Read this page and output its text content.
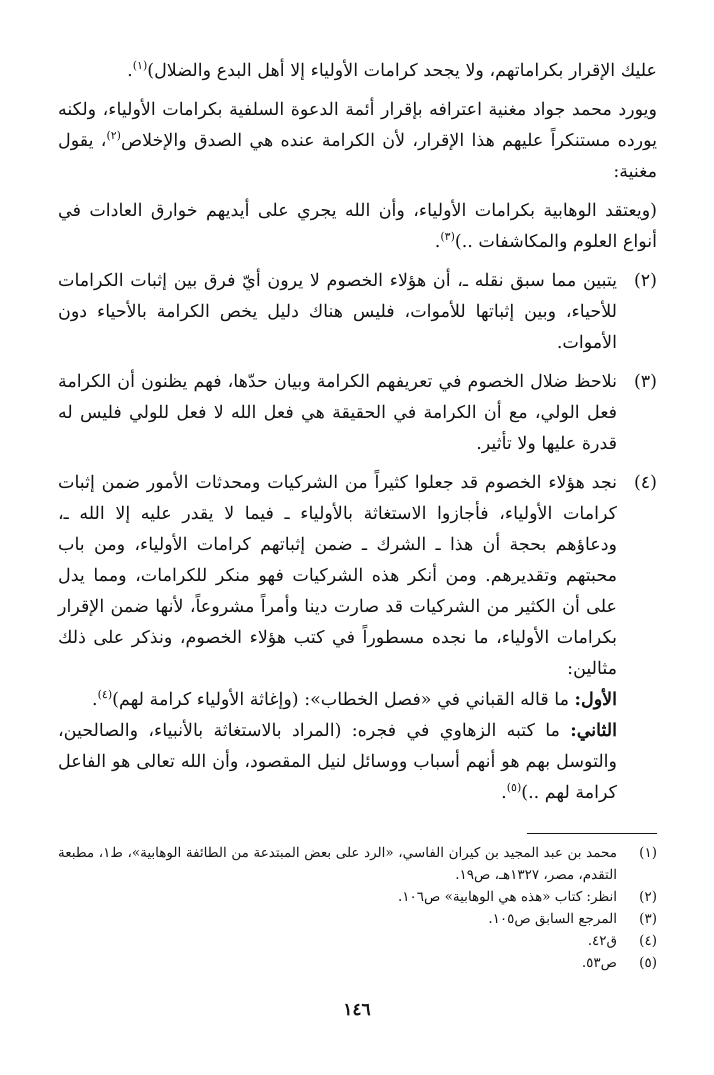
عليك الإقرار بكراماتهم، ولا يجحد كرامات الأولياء إلا أهل البدع والضلال)$^{(١)}$.

ويورد محمد جواد مغنية اعترافه بإقرار أئمة الدعوة السلفية بكرامات الأولياء، ولكنه يورده مستنكراً عليهم هذا الإقرار، لأن الكرامة عنده هي الصدق والإخلاص$^{(٢)}$، يقول مغنية:

(ويعتقد الوهابية بكرامات الأولياء، وأن الله يجري على أيديهم خوارق العادات في أنواع العلوم والمكاشفات ..)$^{(٣)}$.

(٢)
يتبين مما سبق نقله ـ، أن هؤلاء الخصوم لا يرون أيّ فرق بين إثبات الكرامات للأحياء، وبين إثباتها للأموات، فليس هناك دليل يخص الكرامة بالأحياء دون الأموات.
(٣)
نلاحظ ضلال الخصوم في تعريفهم الكرامة وبيان حدّها، فهم يظنون أن الكرامة فعل الولي، مع أن الكرامة في الحقيقة هي فعل الله لا فعل للولي فليس له قدرة عليها ولا تأثير.
(٤)
نجد هؤلاء الخصوم قد جعلوا كثيراً من الشركيات ومحدثات الأمور ضمن إثبات كرامات الأولياء، فأجازوا الاستغاثة بالأولياء ـ فيما لا يقدر عليه إلا الله ـ، ودعاؤهم بحجة أن هذا ـ الشرك ـ ضمن إثباتهم كرامات الأولياء، ومن باب محبتهم وتقديرهم. ومن أنكر هذه الشركيات فهو منكر للكرامات، ومما يدل على أن الكثير من الشركيات قد صارت دينا وأمراً مشروعاً، لأنها ضمن الإقرار بكرامات الأولياء، ما نجده مسطوراً في كتب هؤلاء الخصوم، ونذكر على ذلك مثالين:
الأول: ما قاله القباني في «فصل الخطاب»: (وإغاثة الأولياء كرامة لهم)$^{(٤)}$.
الثاني: ما كتبه الزهاوي في فجره: (المراد بالاستغاثة بالأنبياء، والصالحين، والتوسل بهم هو أنهم أسباب ووسائل لنيل المقصود، وأن الله تعالى هو الفاعل كرامة لهم ..)$^{(٥)}$.
(١)
محمد بن عبد المجيد بن كيران الفاسي، «الرد على بعض المبتدعة من الطائفة الوهابية»، ط١، مطبعة التقدم، مصر، ١٣٢٧هـ، ص١٩.
(٢)
انظر: كتاب «هذه هي الوهابية» ص١٠٦.
(٣)
المرجع السابق ص١٠٥.
(٤)
ق٤٢.
(٥)
ص٥٣.
١٤٦
